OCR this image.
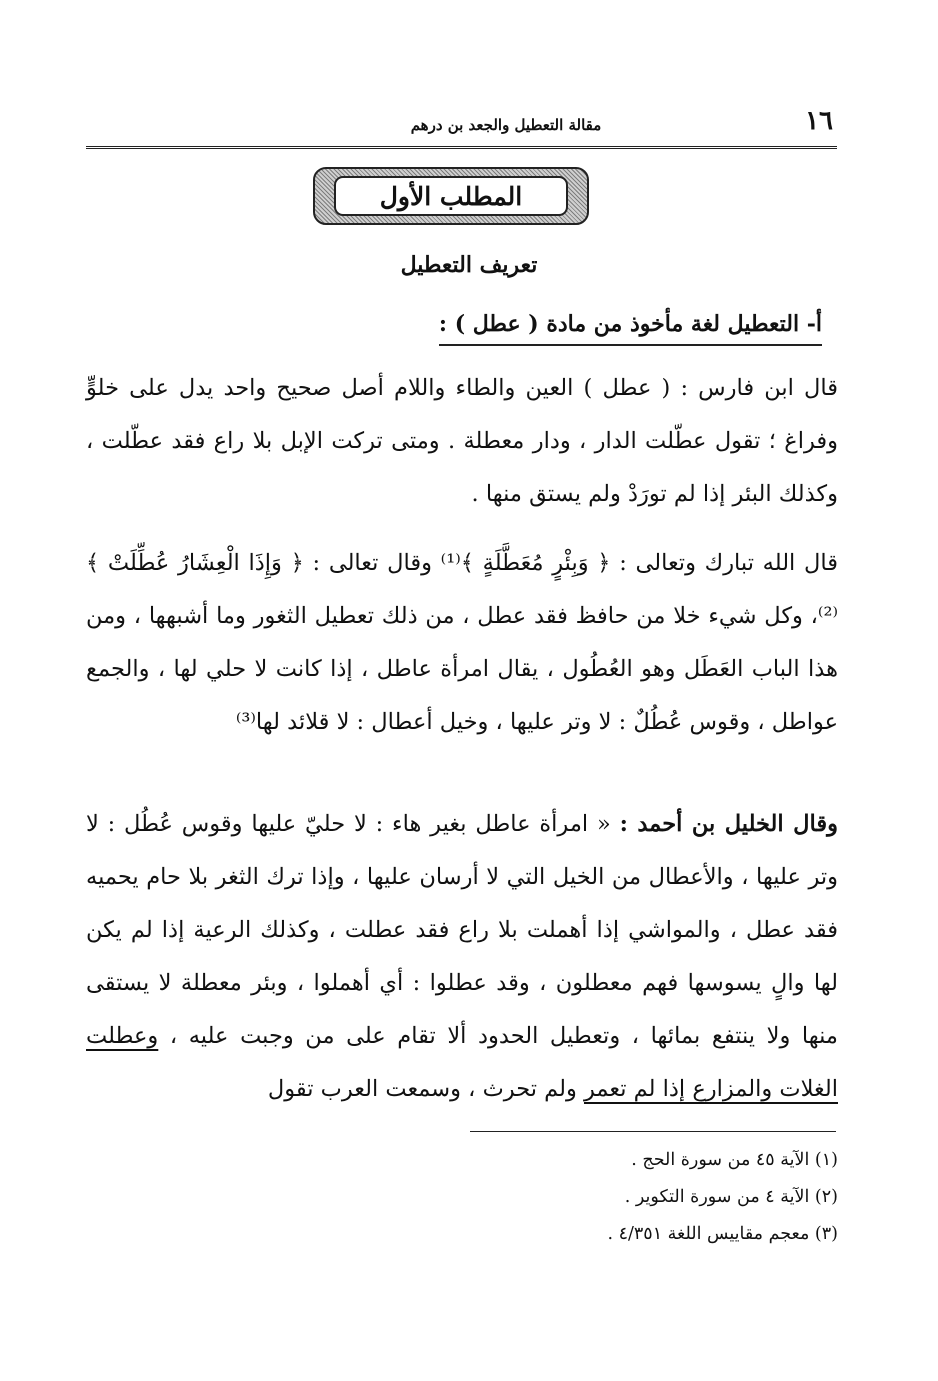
١٦
مقالة التعطيل والجعد بن درهم
المطلب الأول
تعريف التعطيل
أ- التعطيل لغة مأخوذ من مادة ( عطل ) :
قال ابن فارس : ( عطل ) العين والطاء واللام أصل صحيح واحد يدل على خلوٍّ وفراغ ؛ تقول عطّلت الدار ، ودار معطلة . ومتى تركت الإبل بلا راع فقد عطّلت ، وكذلك البئر إذا لم تورَدْ ولم يستق منها .
قال الله تبارك وتعالى : ﴿ وَبِئْرٍ مُعَطَّلَةٍ ﴾⁽¹⁾ وقال تعالى : ﴿ وَإِذَا الْعِشَارُ عُطِّلَتْ ﴾⁽²⁾، وكل شيء خلا من حافظ فقد عطل ، من ذلك تعطيل الثغور وما أشبهها ، ومن هذا الباب العَطَل وهو العُطُول ، يقال امرأة عاطل ، إذا كانت لا حلي لها ، والجمع عواطل ، وقوس عُطُلٌ : لا وتر عليها ، وخيل أعطال : لا قلائد لها⁽³⁾
وقال الخليل بن أحمد : « امرأة عاطل بغير هاء : لا حليّ عليها وقوس عُطُل : لا وتر عليها ، والأعطال من الخيل التي لا أرسان عليها ، وإذا ترك الثغر بلا حام يحميه فقد عطل ، والمواشي إذا أهملت بلا راع فقد عطلت ، وكذلك الرعية إذا لم يكن لها والٍ يسوسها فهم معطلون ، وقد عطلوا : أي أهملوا ، وبئر معطلة لا يستقى منها ولا ينتفع بمائها ، وتعطيل الحدود ألا تقام على من وجبت عليه ، وعطلت الغلات والمزارع إذا لم تعمر ولم تحرث ، وسمعت العرب تقول
(١) الآية ٤٥ من سورة الحج .
(٢) الآية ٤ من سورة التكوير .
(٣) معجم مقاييس اللغة ٤/٣٥١ .
